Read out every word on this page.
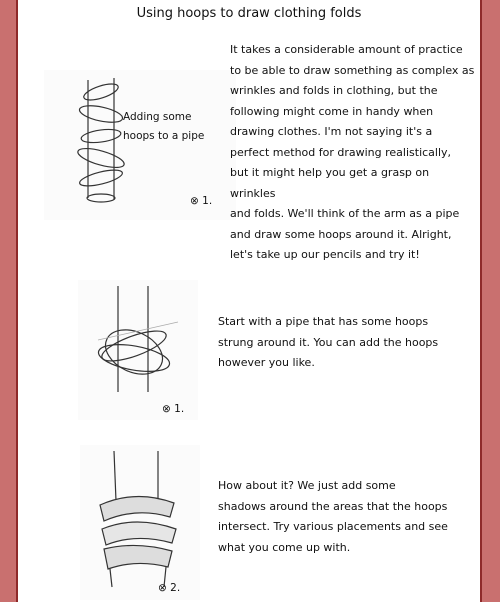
Using hoops to draw clothing folds
Adding some
hoops to a pipe
⊗ 1.
It takes a considerable amount of practice
to be able to draw something as complex as
wrinkles and folds in clothing, but the
following might come in handy when
drawing clothes. I'm not saying it's a
perfect method for drawing realistically,
but it might help you get a grasp on wrinkles
and folds. We'll think of the arm as a pipe
and draw some hoops around it. Alright,
let's take up our pencils and try it!
⊗ 1.
Start with a pipe that has some hoops
strung around it. You can add the hoops
however you like.
⊗ 2.
How about it? We just add some
shadows around the areas that the hoops
intersect. Try various placements and see
what you come up with.
